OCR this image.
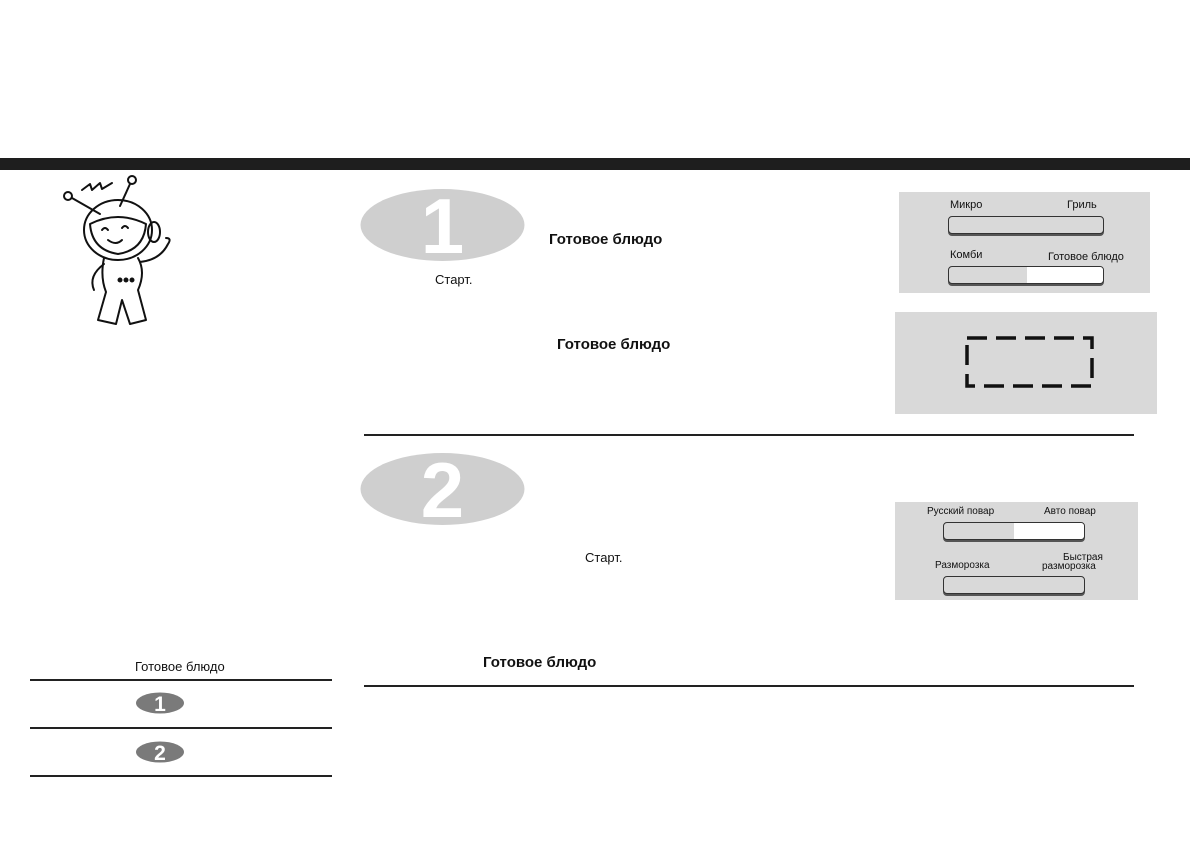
1	Готовое блюдо
Старт.
Готовое блюдо
Микро	Гриль
Комби	Готовое блюдо
2
Старт.
Русский повар	Авто повар
Разморозка
Быстрая
разморозка
Готовое блюдо
Готовое блюдо
1
2
